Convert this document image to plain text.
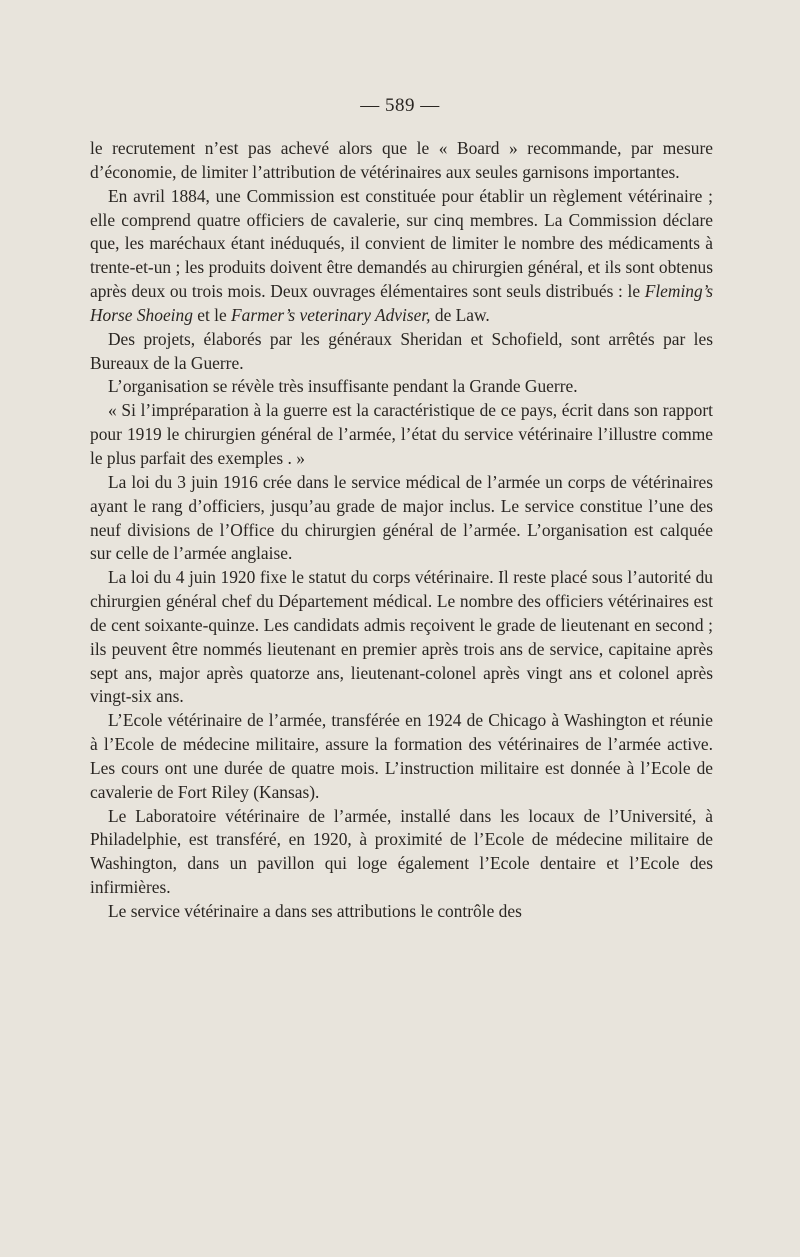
— 589 —

le recrutement n’est pas achevé alors que le « Board » recommande, par mesure d’économie, de limiter l’attribution de vétérinaires aux seules garnisons importantes.

En avril 1884, une Commission est constituée pour établir un règlement vétérinaire ; elle comprend quatre officiers de cavalerie, sur cinq membres. La Commission déclare que, les maréchaux étant inéduqués, il convient de limiter le nombre des médicaments à trente-et-un ; les produits doivent être demandés au chirurgien général, et ils sont obtenus après deux ou trois mois. Deux ouvrages élémentaires sont seuls distribués : le Fleming’s Horse Shoeing et le Farmer’s veterinary Adviser, de Law.

Des projets, élaborés par les généraux Sheridan et Schofield, sont arrêtés par les Bureaux de la Guerre.

L’organisation se révèle très insuffisante pendant la Grande Guerre.

« Si l’impréparation à la guerre est la caractéristique de ce pays, écrit dans son rapport pour 1919 le chirurgien général de l’armée, l’état du service vétérinaire l’illustre comme le plus parfait des exemples . »

La loi du 3 juin 1916 crée dans le service médical de l’armée un corps de vétérinaires ayant le rang d’officiers, jusqu’au grade de major inclus. Le service constitue l’une des neuf divisions de l’Office du chirurgien général de l’armée. L’organisation est calquée sur celle de l’armée anglaise.

La loi du 4 juin 1920 fixe le statut du corps vétérinaire. Il reste placé sous l’autorité du chirurgien général chef du Département médical. Le nombre des officiers vétérinaires est de cent soixante-quinze. Les candidats admis reçoivent le grade de lieutenant en second ; ils peuvent être nommés lieutenant en premier après trois ans de service, capitaine après sept ans, major après quatorze ans, lieutenant-colonel après vingt ans et colonel après vingt-six ans.

L’Ecole vétérinaire de l’armée, transférée en 1924 de Chicago à Washington et réunie à l’Ecole de médecine militaire, assure la formation des vétérinaires de l’armée active. Les cours ont une durée de quatre mois. L’instruction militaire est donnée à l’Ecole de cavalerie de Fort Riley (Kansas).

Le Laboratoire vétérinaire de l’armée, installé dans les locaux de l’Université, à Philadelphie, est transféré, en 1920, à proximité de l’Ecole de médecine militaire de Washington, dans un pavillon qui loge également l’Ecole dentaire et l’Ecole des infirmières.

Le service vétérinaire a dans ses attributions le contrôle des
